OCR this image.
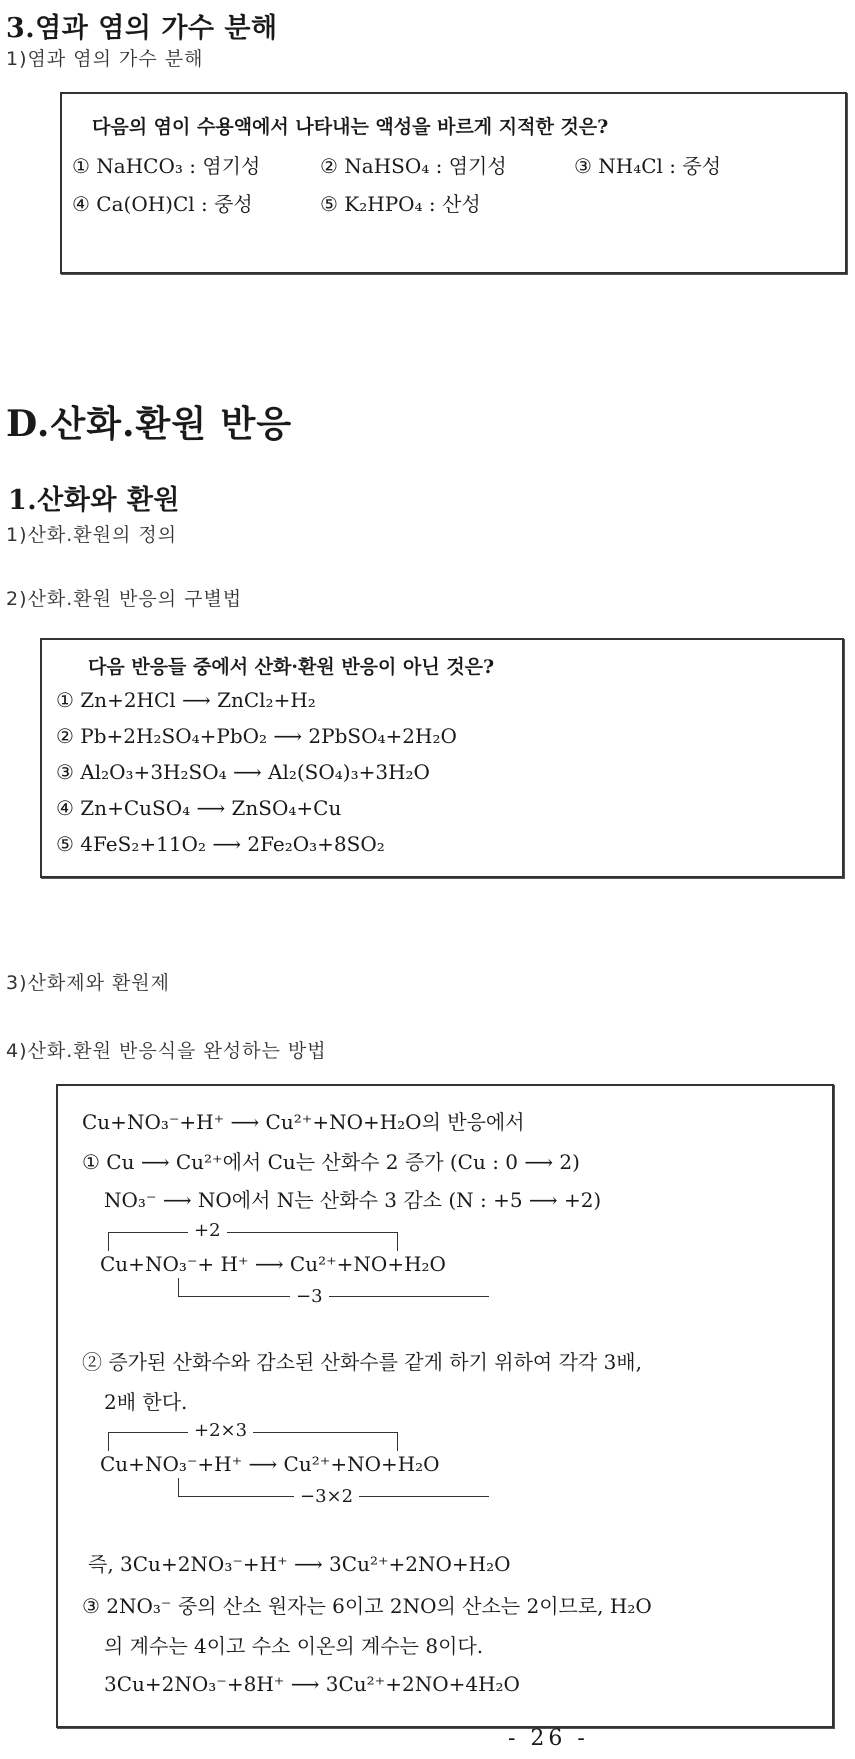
3.염과 염의 가수 분해
1)염과 염의 가수 분해
다음의 염이 수용액에서 나타내는 액성을 바르게 지적한 것은?
① NaHCO₃ : 염기성	② NaHSO₄ : 염기성	③ NH₄Cl : 중성
④ Ca(OH)Cl : 중성	⑤ K₂HPO₄ : 산성
D.산화.환원 반응
1.산화와 환원
1)산화.환원의 정의
2)산화.환원 반응의 구별법
다음 반응들 중에서 산화·환원 반응이 아닌 것은?
① Zn+2HCl ⟶ ZnCl₂+H₂
② Pb+2H₂SO₄+PbO₂ ⟶ 2PbSO₄+2H₂O
③ Al₂O₃+3H₂SO₄ ⟶ Al₂(SO₄)₃+3H₂O
④ Zn+CuSO₄ ⟶ ZnSO₄+Cu
⑤ 4FeS₂+11O₂ ⟶ 2Fe₂O₃+8SO₂
3)산화제와 환원제
4)산화.환원 반응식을 완성하는 방법
Cu+NO₃⁻+H⁺ ⟶ Cu²⁺+NO+H₂O의 반응에서
① Cu ⟶ Cu²⁺에서 Cu는 산화수 2 증가 (Cu : 0 ⟶ 2)
NO₃⁻ ⟶ NO에서 N는 산화수 3 감소 (N : +5 ⟶ +2)
+2
Cu+NO₃⁻+ H⁺ ⟶ Cu²⁺+NO+H₂O
−3
② 증가된 산화수와 감소된 산화수를 같게 하기 위하여 각각 3배,
2배 한다.
+2×3
Cu+NO₃⁻+H⁺ ⟶ Cu²⁺+NO+H₂O
−3×2
즉, 3Cu+2NO₃⁻+H⁺ ⟶ 3Cu²⁺+2NO+H₂O
③ 2NO₃⁻ 중의 산소 원자는 6이고 2NO의 산소는 2이므로, H₂O
의 계수는 4이고 수소 이온의 계수는 8이다.
3Cu+2NO₃⁻+8H⁺ ⟶ 3Cu²⁺+2NO+4H₂O
- 26 -
